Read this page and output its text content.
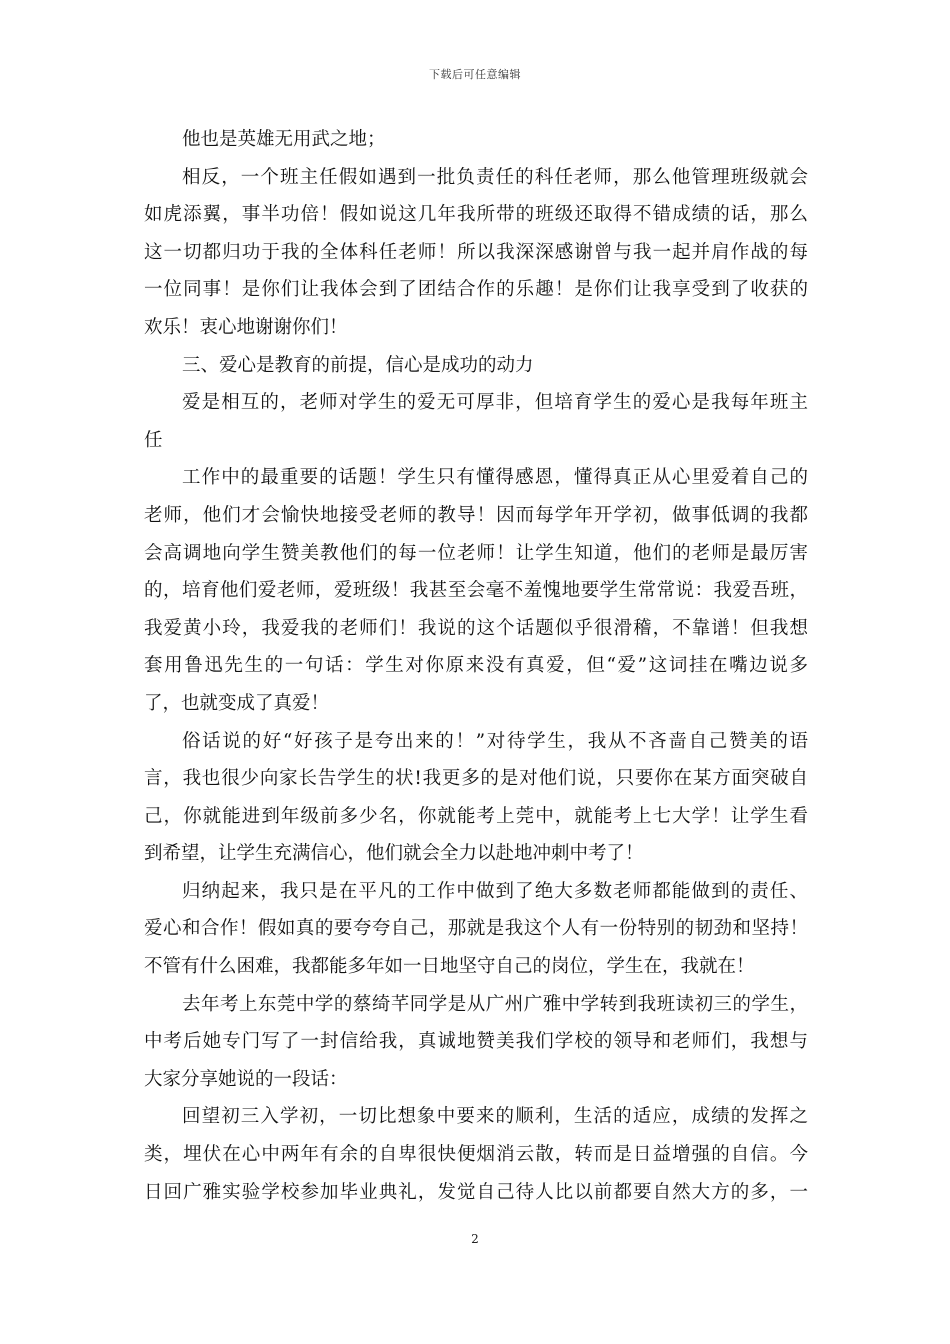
下载后可任意编辑
他也是英雄无用武之地；
相反，一个班主任假如遇到一批负责任的科任老师，那么他管理班级就会
如虎添翼，事半功倍！假如说这几年我所带的班级还取得不错成绩的话，那么
这一切都归功于我的全体科任老师！所以我深深感谢曾与我一起并肩作战的每
一位同事！是你们让我体会到了团结合作的乐趣！是你们让我享受到了收获的
欢乐！衷心地谢谢你们！
三、爱心是教育的前提，信心是成功的动力
爱是相互的，老师对学生的爱无可厚非，但培育学生的爱心是我每年班主
任
工作中的最重要的话题！学生只有懂得感恩，懂得真正从心里爱着自己的
老师，他们才会愉快地接受老师的教导！因而每学年开学初，做事低调的我都
会高调地向学生赞美教他们的每一位老师！让学生知道，他们的老师是最厉害
的，培育他们爱老师，爱班级！我甚至会毫不羞愧地要学生常常说：我爱吾班，
我爱黄小玲，我爱我的老师们！我说的这个话题似乎很滑稽，不靠谱！但我想
套用鲁迅先生的一句话：学生对你原来没有真爱，但“爱”这词挂在嘴边说多
了，也就变成了真爱！
俗话说的好“好孩子是夸出来的！”对待学生，我从不吝啬自己赞美的语
言，我也很少向家长告学生的状!我更多的是对他们说，只要你在某方面突破自
己，你就能进到年级前多少名，你就能考上莞中，就能考上七大学！让学生看
到希望，让学生充满信心，他们就会全力以赴地冲刺中考了！
归纳起来，我只是在平凡的工作中做到了绝大多数老师都能做到的责任、
爱心和合作！假如真的要夸夸自己，那就是我这个人有一份特别的韧劲和坚持！
不管有什么困难，我都能多年如一日地坚守自己的岗位，学生在，我就在！
去年考上东莞中学的蔡绮芊同学是从广州广雅中学转到我班读初三的学生，
中考后她专门写了一封信给我，真诚地赞美我们学校的领导和老师们，我想与
大家分享她说的一段话：
回望初三入学初，一切比想象中要来的顺利，生活的适应，成绩的发挥之
类，埋伏在心中两年有余的自卑很快便烟消云散，转而是日益增强的自信。今
日回广雅实验学校参加毕业典礼，发觉自己待人比以前都要自然大方的多，一
2
